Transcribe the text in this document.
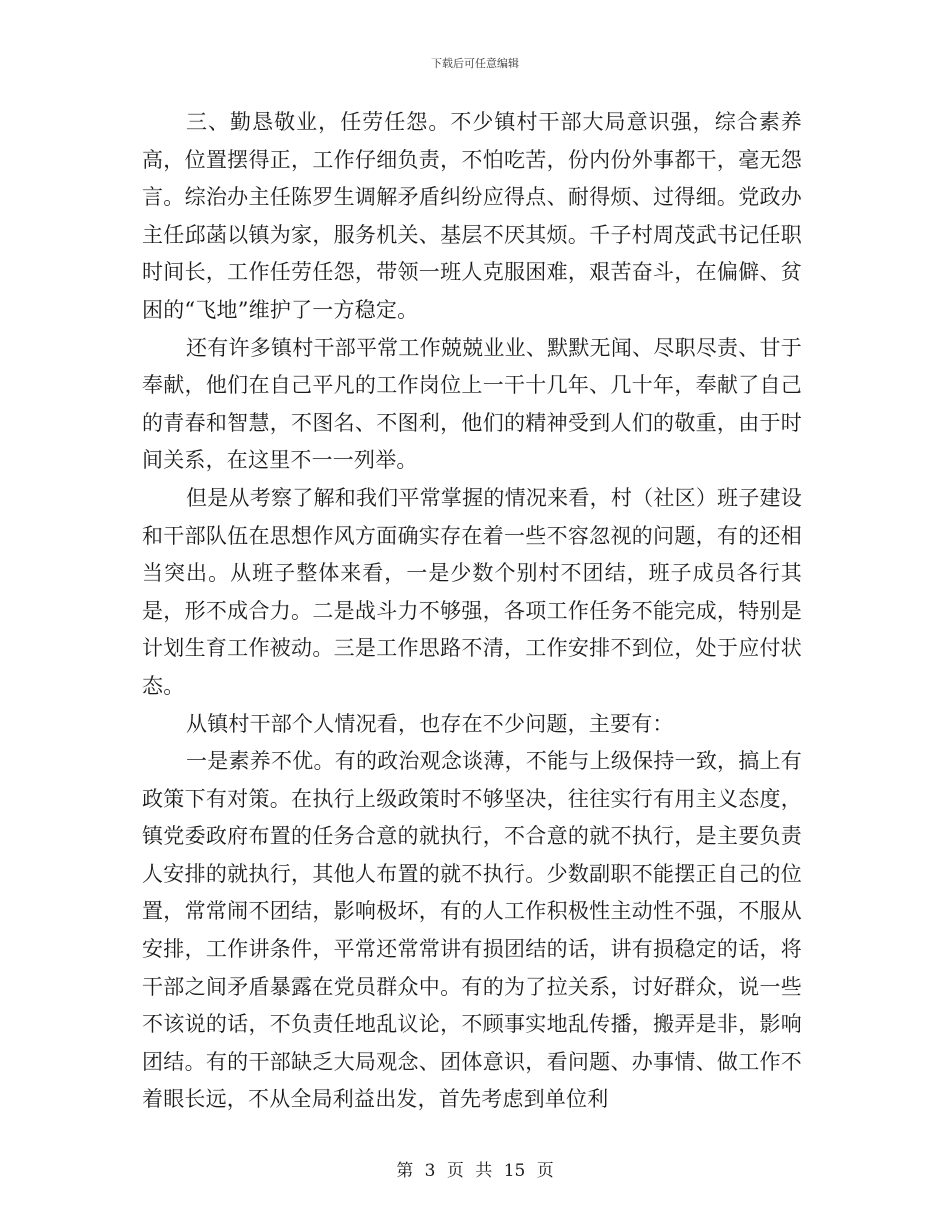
下载后可任意编辑

三、勤恳敬业，任劳任怨。不少镇村干部大局意识强，综合素养高，位置摆得正，工作仔细负责，不怕吃苦，份内份外事都干，毫无怨言。综治办主任陈罗生调解矛盾纠纷应得点、耐得烦、过得细。党政办主任邱菡以镇为家，服务机关、基层不厌其烦。千子村周茂武书记任职时间长，工作任劳任怨，带领一班人克服困难，艰苦奋斗，在偏僻、贫困的“飞地”维护了一方稳定。

还有许多镇村干部平常工作兢兢业业、默默无闻、尽职尽责、甘于奉献，他们在自己平凡的工作岗位上一干十几年、几十年，奉献了自己的青春和智慧，不图名、不图利，他们的精神受到人们的敬重，由于时间关系，在这里不一一列举。

但是从考察了解和我们平常掌握的情况来看，村（社区）班子建设和干部队伍在思想作风方面确实存在着一些不容忽视的问题，有的还相当突出。从班子整体来看，一是少数个别村不团结，班子成员各行其是，形不成合力。二是战斗力不够强，各项工作任务不能完成，特别是计划生育工作被动。三是工作思路不清，工作安排不到位，处于应付状态。

从镇村干部个人情况看，也存在不少问题，主要有：

一是素养不优。有的政治观念谈薄，不能与上级保持一致，搞上有政策下有对策。在执行上级政策时不够坚决，往往实行有用主义态度，镇党委政府布置的任务合意的就执行，不合意的就不执行，是主要负责人安排的就执行，其他人布置的就不执行。少数副职不能摆正自己的位置，常常闹不团结，影响极坏，有的人工作积极性主动性不强，不服从安排，工作讲条件，平常还常常讲有损团结的话，讲有损稳定的话，将干部之间矛盾暴露在党员群众中。有的为了拉关系，讨好群众，说一些不该说的话，不负责任地乱议论，不顾事实地乱传播，搬弄是非，影响团结。有的干部缺乏大局观念、团体意识，看问题、办事情、做工作不着眼长远，不从全局利益出发，首先考虑到单位利

第 3 页 共 15 页
